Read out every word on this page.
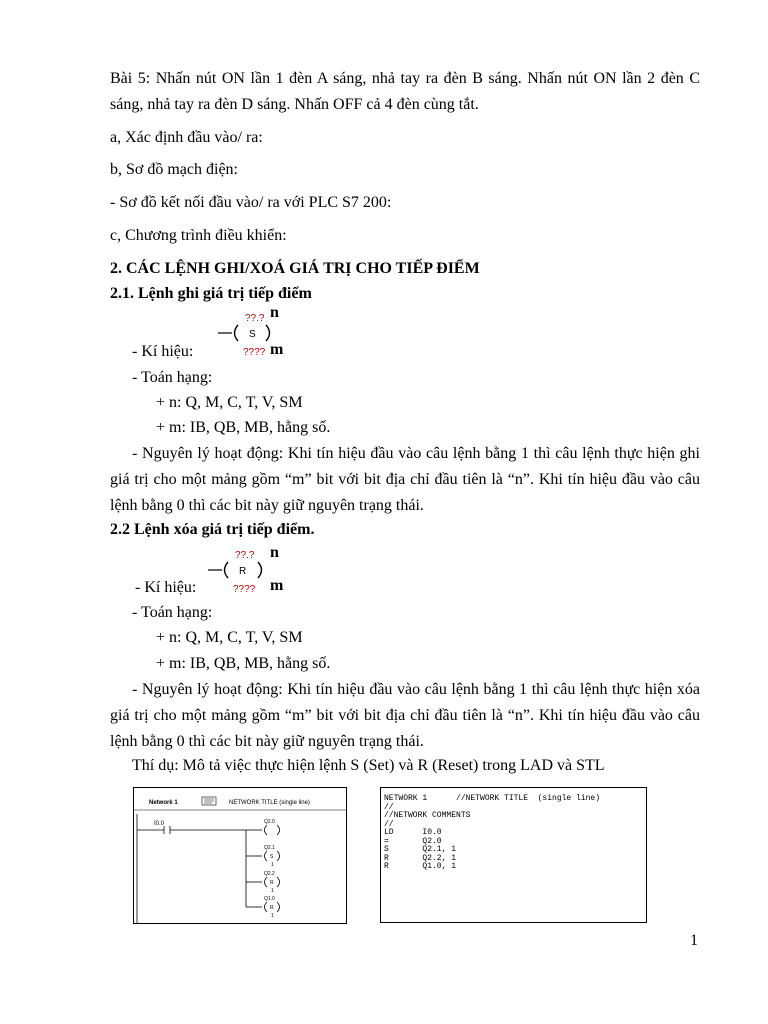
Bài 5: Nhấn nút ON lần 1 đèn A sáng, nhả tay ra đèn B sáng. Nhấn nút ON lần 2 đèn C sáng, nhả tay ra đèn D sáng. Nhấn OFF cả 4 đèn cùng tắt.
a, Xác định đầu vào/ ra:
b, Sơ đồ mạch điện:
- Sơ đồ kết nối đầu vào/ ra với PLC S7 200:
c, Chương trình điều khiển:
2. CÁC LỆNH GHI/XOÁ GIÁ TRỊ CHO TIẾP ĐIỂM
2.1. Lệnh ghi giá trị tiếp điểm
??.?
S
????
n
m
- Kí hiệu:
- Toán hạng:
+ n: Q, M, C, T, V, SM
+ m: IB, QB, MB, hằng số.
- Nguyên lý hoạt động: Khi tín hiệu đầu vào câu lệnh bằng 1 thì câu lệnh thực hiện ghi giá trị cho một mảng gồm “m” bit với bit địa chỉ đầu tiên là “n”. Khi tín hiệu đầu vào câu lệnh bằng 0 thì các bit này giữ nguyên trạng thái.
2.2 Lệnh xóa giá trị tiếp điểm.
??.?
R
????
n
m
- Kí hiệu:
- Toán hạng:
+ n: Q, M, C, T, V, SM
+ m: IB, QB, MB, hằng số.
- Nguyên lý hoạt động: Khi tín hiệu đầu vào câu lệnh bằng 1 thì câu lệnh thực hiện xóa giá trị cho một mảng gồm “m” bit với bit địa chỉ đầu tiên là “n”. Khi tín hiệu đầu vào câu lệnh bằng 0 thì các bit này giữ nguyên trạng thái.
Thí dụ: Mô tả việc thực hiện lệnh S (Set) và R (Reset) trong LAD và STL
Network 1	NETWORK TITLE (single line)
I0.0	Q2.0
Q2.1
S
1
Q2.2
R
1
Q1.0
R
1
NETWORK 1      //NETWORK TITLE  (single line)
//
//NETWORK COMMENTS
//
LD      I0.0
=       Q2.0
S       Q2.1, 1
R       Q2.2, 1
R       Q1.0, 1
1
